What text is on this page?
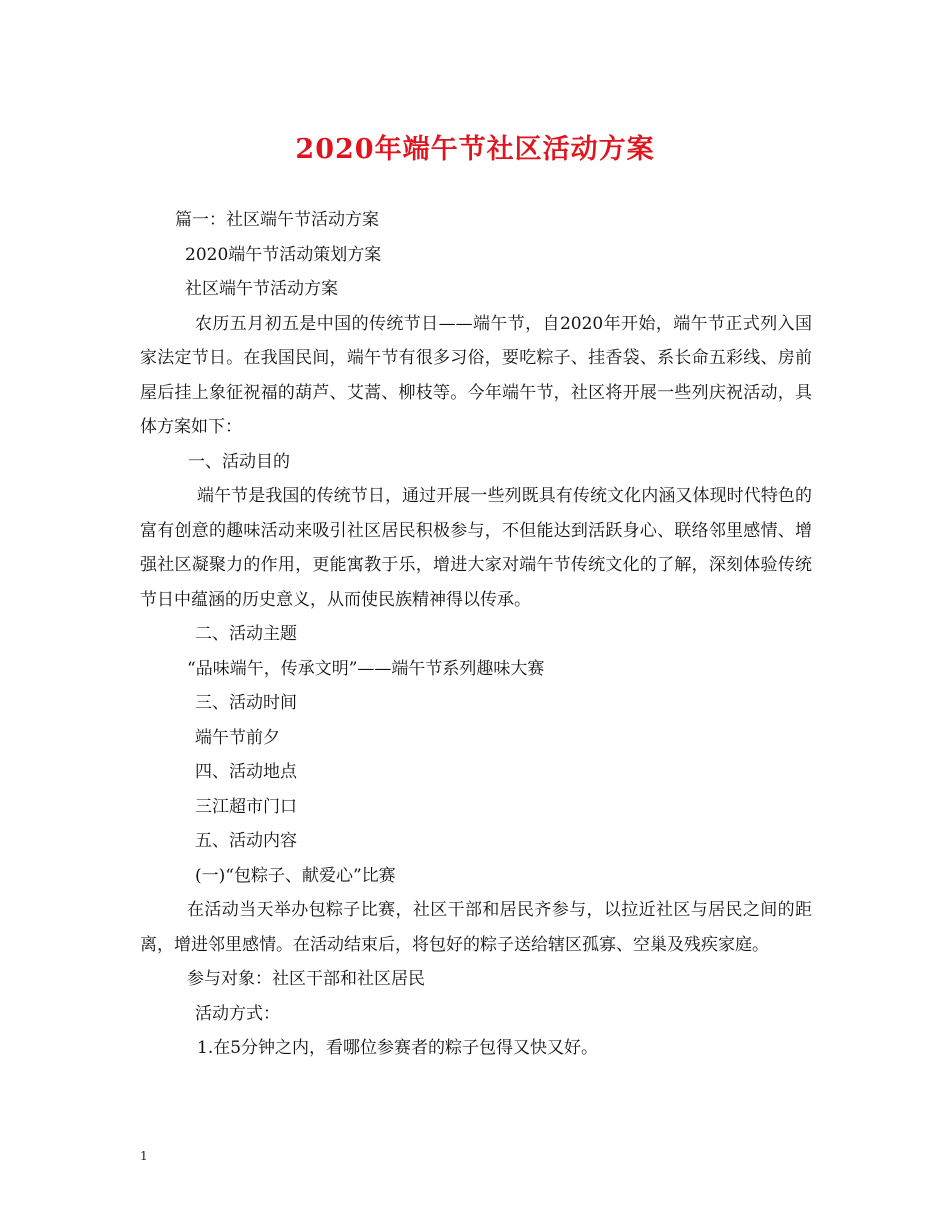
2020年端午节社区活动方案
篇一：社区端午节活动方案
2020端午节活动策划方案
社区端午节活动方案

农历五月初五是中国的传统节日——端午节，自2020年开始，端午节正式列入国家法定节日。在我国民间，端午节有很多习俗，要吃粽子、挂香袋、系长命五彩线、房前屋后挂上象征祝福的葫芦、艾蒿、柳枝等。今年端午节，社区将开展一些列庆祝活动，具体方案如下：

一、活动目的

端午节是我国的传统节日，通过开展一些列既具有传统文化内涵又体现时代特色的富有创意的趣味活动来吸引社区居民积极参与，不但能达到活跃身心、联络邻里感情、增强社区凝聚力的作用，更能寓教于乐，增进大家对端午节传统文化的了解，深刻体验传统节日中蕴涵的历史意义，从而使民族精神得以传承。

二、活动主题
“品味端午，传承文明”——端午节系列趣味大赛
三、活动时间
端午节前夕
四、活动地点
三江超市门口
五、活动内容
(一)“包粽子、献爱心”比赛

在活动当天举办包粽子比赛，社区干部和居民齐参与，以拉近社区与居民之间的距离，增进邻里感情。在活动结束后，将包好的粽子送给辖区孤寡、空巢及残疾家庭。

参与对象：社区干部和社区居民
活动方式：
1.在5分钟之内，看哪位参赛者的粽子包得又快又好。
1
